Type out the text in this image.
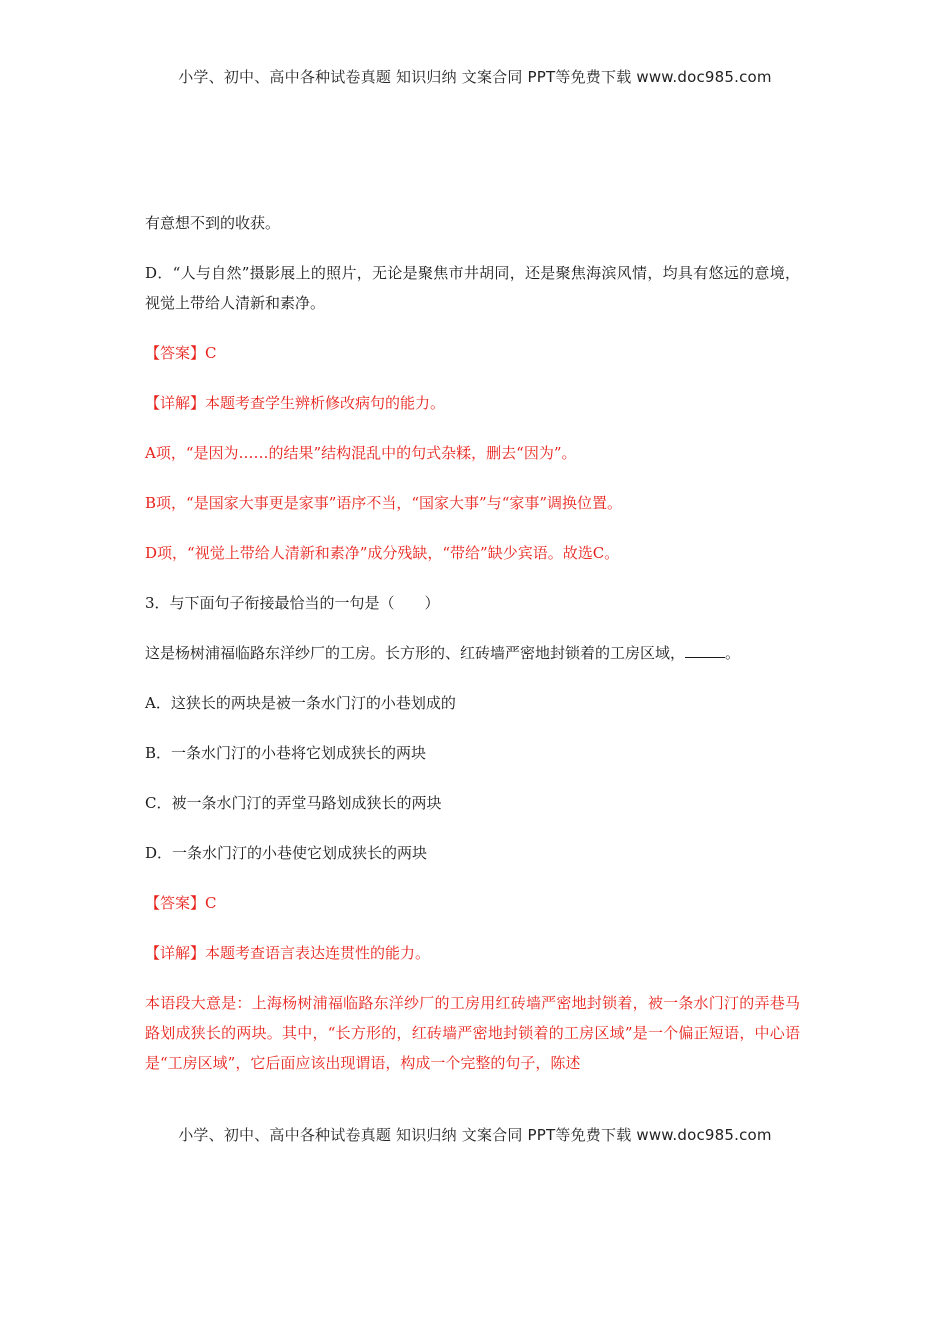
小学、初中、高中各种试卷真题 知识归纳 文案合同 PPT等免费下载 www.doc985.com

有意想不到的收获。

D．“人与自然”摄影展上的照片，无论是聚焦市井胡同，还是聚焦海滨风情，均具有悠远的意境，视觉上带给人清新和素净。

【答案】C

【详解】本题考查学生辨析修改病句的能力。

A项，“是因为……的结果”结构混乱中的句式杂糅，删去“因为”。

B项，“是国家大事更是家事”语序不当，“国家大事”与“家事”调换位置。

D项，“视觉上带给人清新和素净”成分残缺，“带给”缺少宾语。故选C。

3．与下面句子衔接最恰当的一句是（　　）

这是杨树浦福临路东洋纱厂的工房。长方形的、红砖墙严密地封锁着的工房区域，	。

A．这狭长的两块是被一条水门汀的小巷划成的

B．一条水门汀的小巷将它划成狭长的两块

C．被一条水门汀的弄堂马路划成狭长的两块

D．一条水门汀的小巷使它划成狭长的两块

【答案】C

【详解】本题考查语言表达连贯性的能力。

本语段大意是：上海杨树浦福临路东洋纱厂的工房用红砖墙严密地封锁着，被一条水门汀的弄巷马路划成狭长的两块。其中，“长方形的，红砖墙严密地封锁着的工房区域”是一个偏正短语，中心语是“工房区域”，它后面应该出现谓语，构成一个完整的句子，陈述

小学、初中、高中各种试卷真题 知识归纳 文案合同 PPT等免费下载 www.doc985.com
